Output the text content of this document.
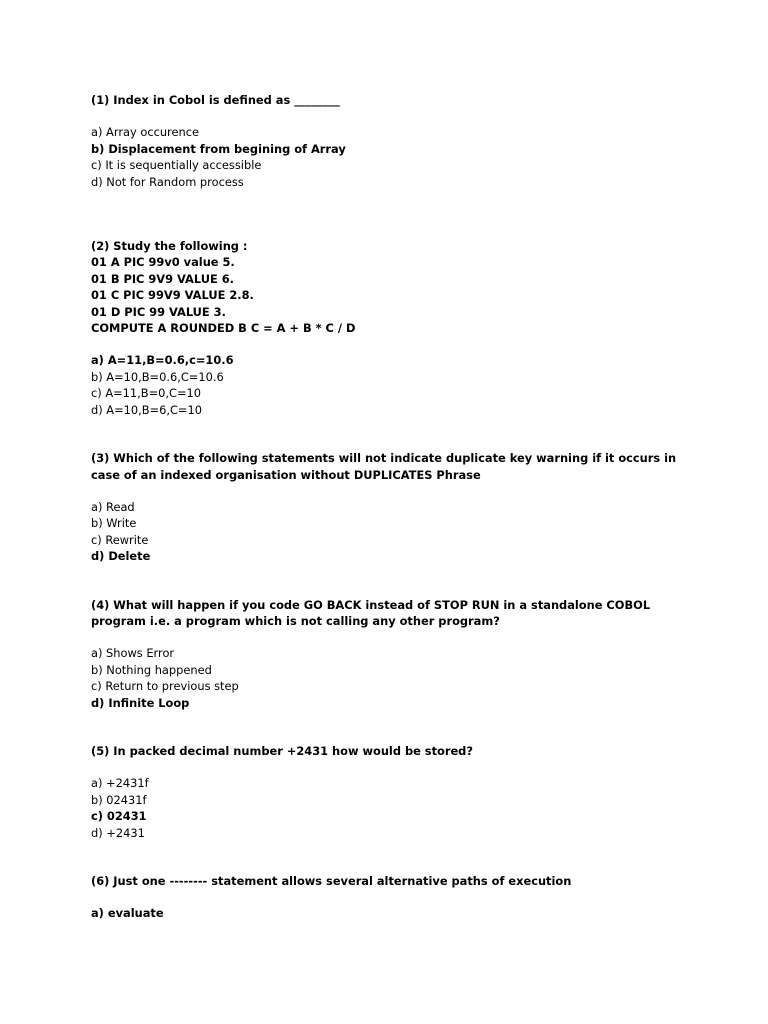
(1) Index in Cobol is defined as ________

a) Array occurence

b) Displacement from begining of Array

c) It is sequentially accessible

d) Not for Random process

(2) Study the following :

01 A PIC 99v0 value 5.

01 B PIC 9V9 VALUE 6.

01 C PIC 99V9 VALUE 2.8.

01 D PIC 99 VALUE 3.

COMPUTE A ROUNDED B C = A + B * C / D

a) A=11,B=0.6,c=10.6

b) A=10,B=0.6,C=10.6

c) A=11,B=0,C=10

d) A=10,B=6,C=10

(3) Which of the following statements will not indicate duplicate key warning if it occurs in case of an indexed organisation without DUPLICATES Phrase

a) Read

b) Write

c) Rewrite

d) Delete

(4) What will happen if you code GO BACK instead of STOP RUN in a standalone COBOL program i.e. a program which is not calling any other program?

a) Shows Error

b) Nothing happened

c) Return to previous step

d) Infinite Loop

(5) In packed decimal number +2431 how would be stored?

a) +2431f

b) 02431f

c) 02431

d) +2431

(6) Just one -------- statement allows several alternative paths of execution

a) evaluate
